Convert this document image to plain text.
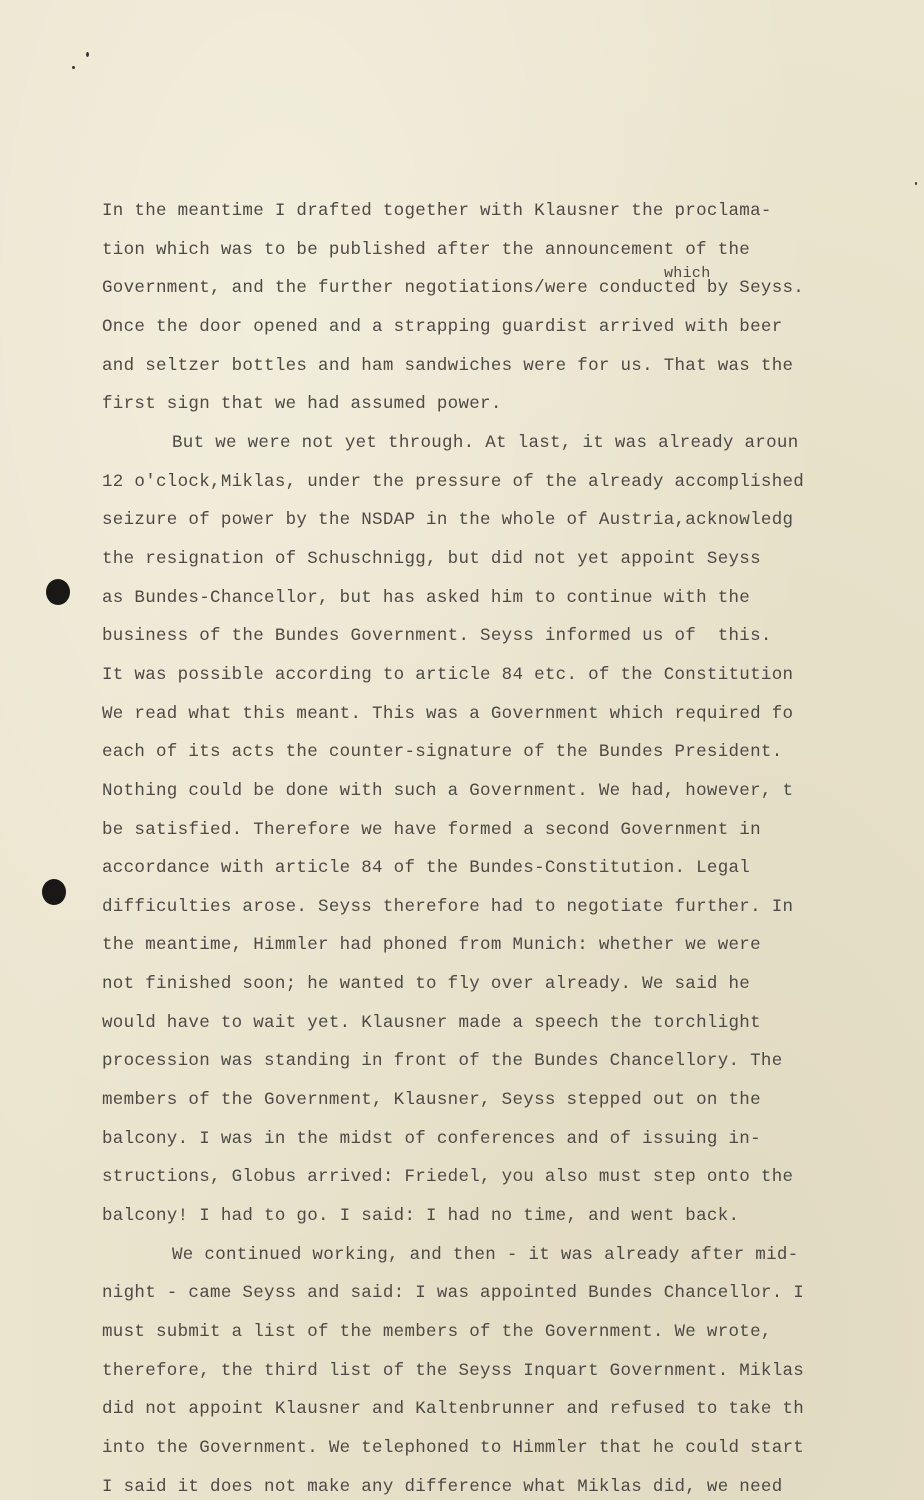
which
In the meantime I drafted together with Klausner the proclama-
tion which was to be published after the announcement of the
Government, and the further negotiations/were conducted by Seyss.
Once the door opened and a strapping guardist arrived with beer
and seltzer bottles and ham sandwiches were for us. That was the
first sign that we had assumed power.
But we were not yet through. At last, it was already aroun
12 o'clock,Miklas, under the pressure of the already accomplished
seizure of power by the NSDAP in the whole of Austria,acknowledg
the resignation of Schuschnigg, but did not yet appoint Seyss
as Bundes-Chancellor, but has asked him to continue with the
business of the Bundes Government. Seyss informed us of  this.
It was possible according to article 84 etc. of the Constitution
We read what this meant. This was a Government which required fo
each of its acts the counter-signature of the Bundes President.
Nothing could be done with such a Government. We had, however, t
be satisfied. Therefore we have formed a second Government in
accordance with article 84 of the Bundes-Constitution. Legal
difficulties arose. Seyss therefore had to negotiate further. In
the meantime, Himmler had phoned from Munich: whether we were
not finished soon; he wanted to fly over already. We said he
would have to wait yet. Klausner made a speech the torchlight
procession was standing in front of the Bundes Chancellory. The
members of the Government, Klausner, Seyss stepped out on the
balcony. I was in the midst of conferences and of issuing in-
structions, Globus arrived: Friedel, you also must step onto the
balcony! I had to go. I said: I had no time, and went back.
We continued working, and then - it was already after mid-
night - came Seyss and said: I was appointed Bundes Chancellor. I
must submit a list of the members of the Government. We wrote,
therefore, the third list of the Seyss Inquart Government. Miklas
did not appoint Klausner and Kaltenbrunner and refused to take th
into the Government. We telephoned to Himmler that he could start
I said it does not make any difference what Miklas did, we need
